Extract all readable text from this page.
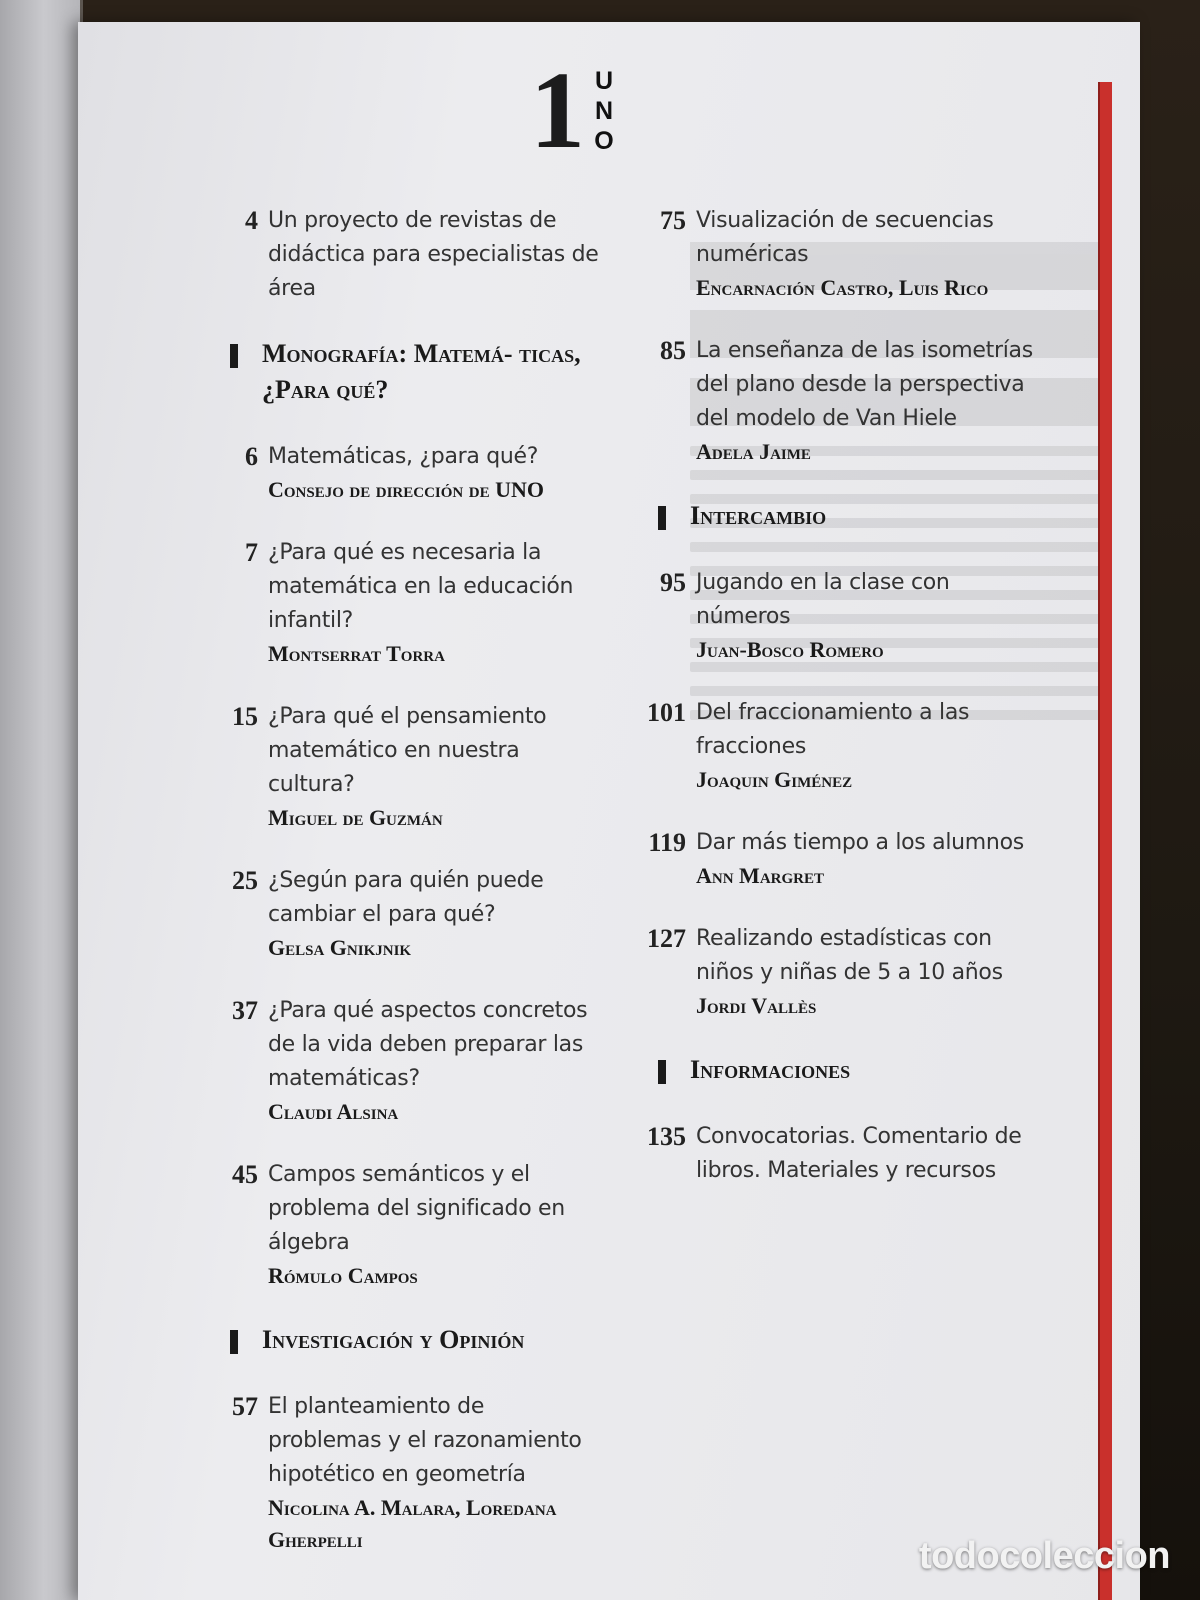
1 U
N
O
4 Un proyecto de revistas de didáctica para especialistas de área
Monografía: Matemá- ticas, ¿Para qué?
6 Matemáticas, ¿para qué?
Consejo de dirección de UNO
7 ¿Para qué es necesaria la matemática en la educación infantil?
Montserrat Torra
15 ¿Para qué el pensamiento matemático en nuestra cultura?
Miguel de Guzmán
25 ¿Según para quién puede cambiar el para qué?
Gelsa Gnikjnik
37 ¿Para qué aspectos concretos de la vida deben preparar las matemáticas?
Claudi Alsina
45 Campos semánticos y el problema del significado en álgebra
Rómulo Campos
Investigación y Opinión
57 El planteamiento de problemas y el razonamiento hipotético en geometría
Nicolina A. Malara, Loredana Gherpelli
75 Visualización de secuencias numéricas
Encarnación Castro, Luis Rico
85 La enseñanza de las isometrías del plano desde la perspectiva del modelo de Van Hiele
Adela Jaime
Intercambio
95 Jugando en la clase con números
Juan-Bosco Romero
101 Del fraccionamiento a las fracciones
Joaquin Giménez
119 Dar más tiempo a los alumnos
Ann Margret
127 Realizando estadísticas con niños y niñas de 5 a 10 años
Jordi Vallès
Informaciones
135 Convocatorias. Comentario de libros. Materiales y recursos
todocoleccion
